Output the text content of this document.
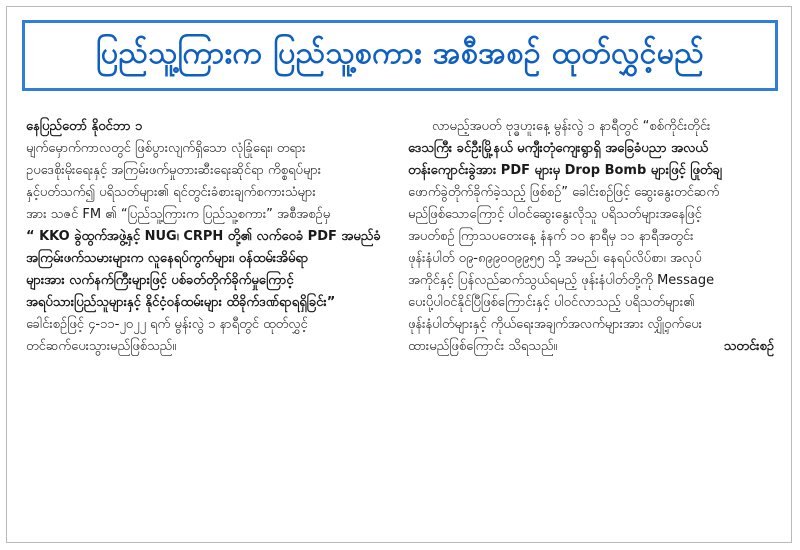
ပြည်သူ့ကြားက ပြည်သူ့စကား အစီအစဉ် ထုတ်လွှင့်မည်
နေပြည်တော် နိုဝင်ဘာ ၁
မျက်မှောက်ကာလတွင် ဖြစ်ပွားလျက်ရှိသော လုံခြုံရေး၊ တရား
ဥပဒေစိုးမိုးရေးနှင့် အကြမ်းဖက်မှုတားဆီးရေးဆိုင်ရာ ကိစ္စရပ်များ
နှင့်ပတ်သက်၍ ပရိသတ်များ၏ ရင်တွင်းခံစားချက်စကားသံများ
အား သဇင် FM ၏ “ပြည်သူ့ကြားက ပြည်သူ့စကား” အစီအစဉ်မှ
“ KKO ခွဲထွက်အဖွဲ့နှင့် NUG၊ CRPH တို့၏ လက်ဝေခံ PDF အမည်ခံ
အကြမ်းဖက်သမားများက လူနေရပ်ကွက်များ၊ ဝန်ထမ်းအိမ်ရာ
များအား လက်နက်ကြီးများဖြင့် ပစ်ခတ်တိုက်ခိုက်မှုကြောင့်
အရပ်သားပြည်သူများနှင့် နိုင်ငံ့ဝန်ထမ်းများ ထိခိုက်ဒဏ်ရာရရှိခြင်း”
ခေါင်းစဉ်ဖြင့် ၄-၁၁-၂၀၂၂ ရက် မွန်းလွဲ ၁ နာရီတွင် ထုတ်လွှင့်
တင်ဆက်ပေးသွားမည်ဖြစ်သည်။
လာမည့်အပတ် ဗုဒ္ဓဟူးနေ့ မွန်းလွဲ ၁ နာရီတွင် “စစ်ကိုင်းတိုင်း
ဒေသကြီး ခင်ဦးမြို့နယ် မကျီးတုံကျေးရွာရှိ အခြေခံပညာ အလယ်
တန်းကျောင်းခွဲအား PDF များမှ Drop Bomb များဖြင့် ဖြုတ်ချ
ဖောက်ခွဲတိုက်ခိုက်ခဲ့သည့် ဖြစ်စဉ်” ခေါင်းစဉ်ဖြင့် ဆွေးနွေးတင်ဆက်
မည်ဖြစ်သောကြောင့် ပါဝင်ဆွေးနွေးလိုသူ ပရိသတ်များအနေဖြင့်
အပတ်စဉ် ကြာသပတေးနေ့ နံနက် ၁၀ နာရီမှ ၁၁ နာရီအတွင်း
ဖုန်းနံပါတ် ၀၉-၈၉၉၀၀၉၉၅၅ သို့ အမည်၊ နေရပ်လိပ်စာ၊ အလုပ်
အကိုင်နှင့် ပြန်လည်ဆက်သွယ်ရမည့် ဖုန်းနံပါတ်တို့ကို Message
ပေးပို့ပါဝင်နိုင်ပြီဖြစ်ကြောင်းနှင့် ပါဝင်လာသည့် ပရိသတ်များ၏
ဖုန်းနံပါတ်များနှင့် ကိုယ်ရေးအချက်အလက်များအား လျှို့ဝှက်ပေး
ထားမည်ဖြစ်ကြောင်း သိရသည်။	သတင်းစဉ်
